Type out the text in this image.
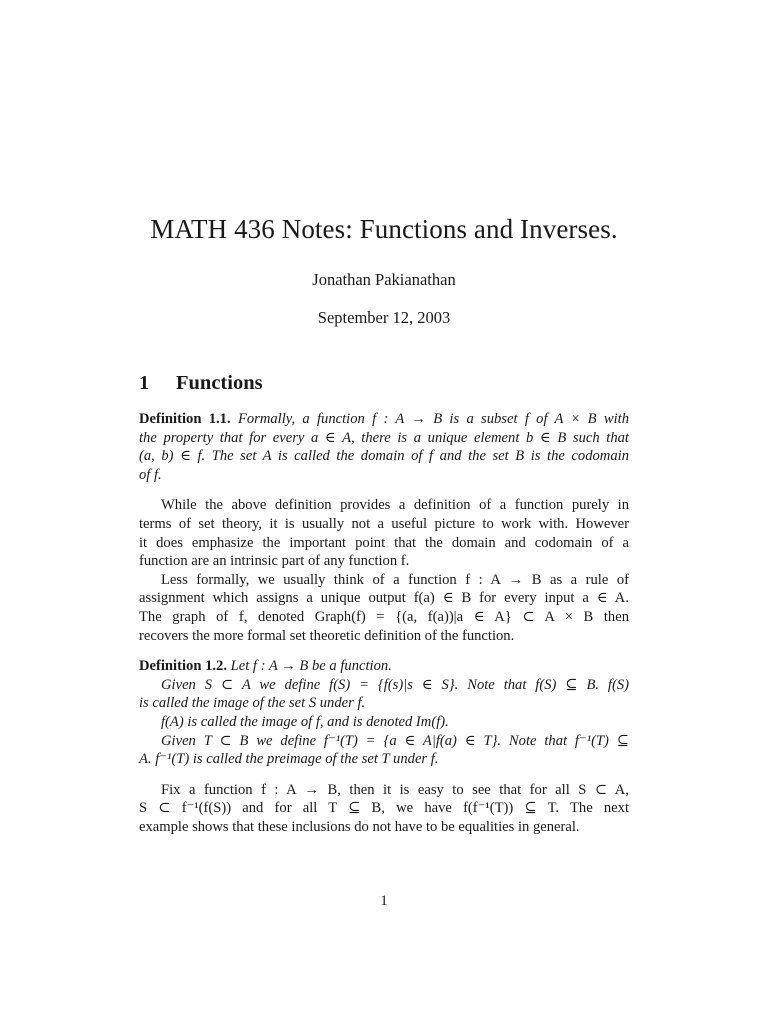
MATH 436 Notes: Functions and Inverses.
Jonathan Pakianathan
September 12, 2003
1 Functions

Definition 1.1. Formally, a function f : A → B is a subset f of A × B with
the property that for every a ∈ A, there is a unique element b ∈ B such that
(a, b) ∈ f. The set A is called the domain of f and the set B is the codomain
of f.

While the above definition provides a definition of a function purely in
terms of set theory, it is usually not a useful picture to work with. However
it does emphasize the important point that the domain and codomain of a
function are an intrinsic part of any function f.

Less formally, we usually think of a function f : A → B as a rule of
assignment which assigns a unique output f(a) ∈ B for every input a ∈ A.
The graph of f, denoted Graph(f) = {(a, f(a))|a ∈ A} ⊂ A × B then
recovers the more formal set theoretic definition of the function.

Definition 1.2. Let f : A → B be a function.
Given S ⊂ A we define f(S) = {f(s)|s ∈ S}. Note that f(S) ⊆ B. f(S)
is called the image of the set S under f.
f(A) is called the image of f, and is denoted Im(f).
Given T ⊂ B we define f⁻¹(T) = {a ∈ A|f(a) ∈ T}. Note that f⁻¹(T) ⊆
A. f⁻¹(T) is called the preimage of the set T under f.

Fix a function f : A → B, then it is easy to see that for all S ⊂ A,
S ⊂ f⁻¹(f(S)) and for all T ⊆ B, we have f(f⁻¹(T)) ⊆ T. The next
example shows that these inclusions do not have to be equalities in general.

1
